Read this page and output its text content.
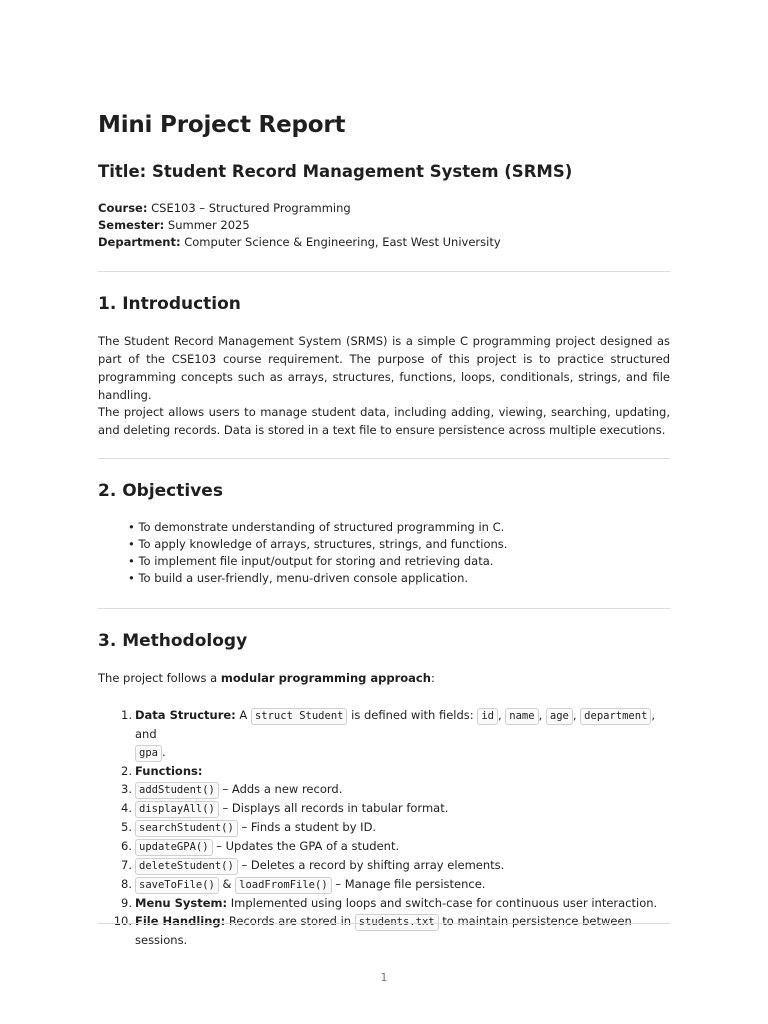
Mini Project Report
Title: Student Record Management System (SRMS)
Course: CSE103 – Structured Programming
Semester: Summer 2025
Department: Computer Science & Engineering, East West University
1. Introduction

The Student Record Management System (SRMS) is a simple C programming project designed as part of the CSE103 course requirement. The purpose of this project is to practice structured programming concepts such as arrays, structures, functions, loops, conditionals, strings, and file handling.

The project allows users to manage student data, including adding, viewing, searching, updating, and deleting records. Data is stored in a text file to ensure persistence across multiple executions.

2. Objectives
• To demonstrate understanding of structured programming in C.
• To apply knowledge of arrays, structures, strings, and functions.
• To implement file input/output for storing and retrieving data.
• To build a user-friendly, menu-driven console application.
3. Methodology

The project follows a modular programming approach:

1. Data Structure: A struct Student is defined with fields: id , name , age , department , and
gpa .
2. Functions:
3. addStudent() – Adds a new record.
4. displayAll() – Displays all records in tabular format.
5. searchStudent() – Finds a student by ID.
6. updateGPA() – Updates the GPA of a student.
7. deleteStudent() – Deletes a record by shifting array elements.
8. saveToFile() & loadFromFile() – Manage file persistence.
9. Menu System: Implemented using loops and switch-case for continuous user interaction.
10. File Handling: Records are stored in students.txt to maintain persistence between sessions.
1
